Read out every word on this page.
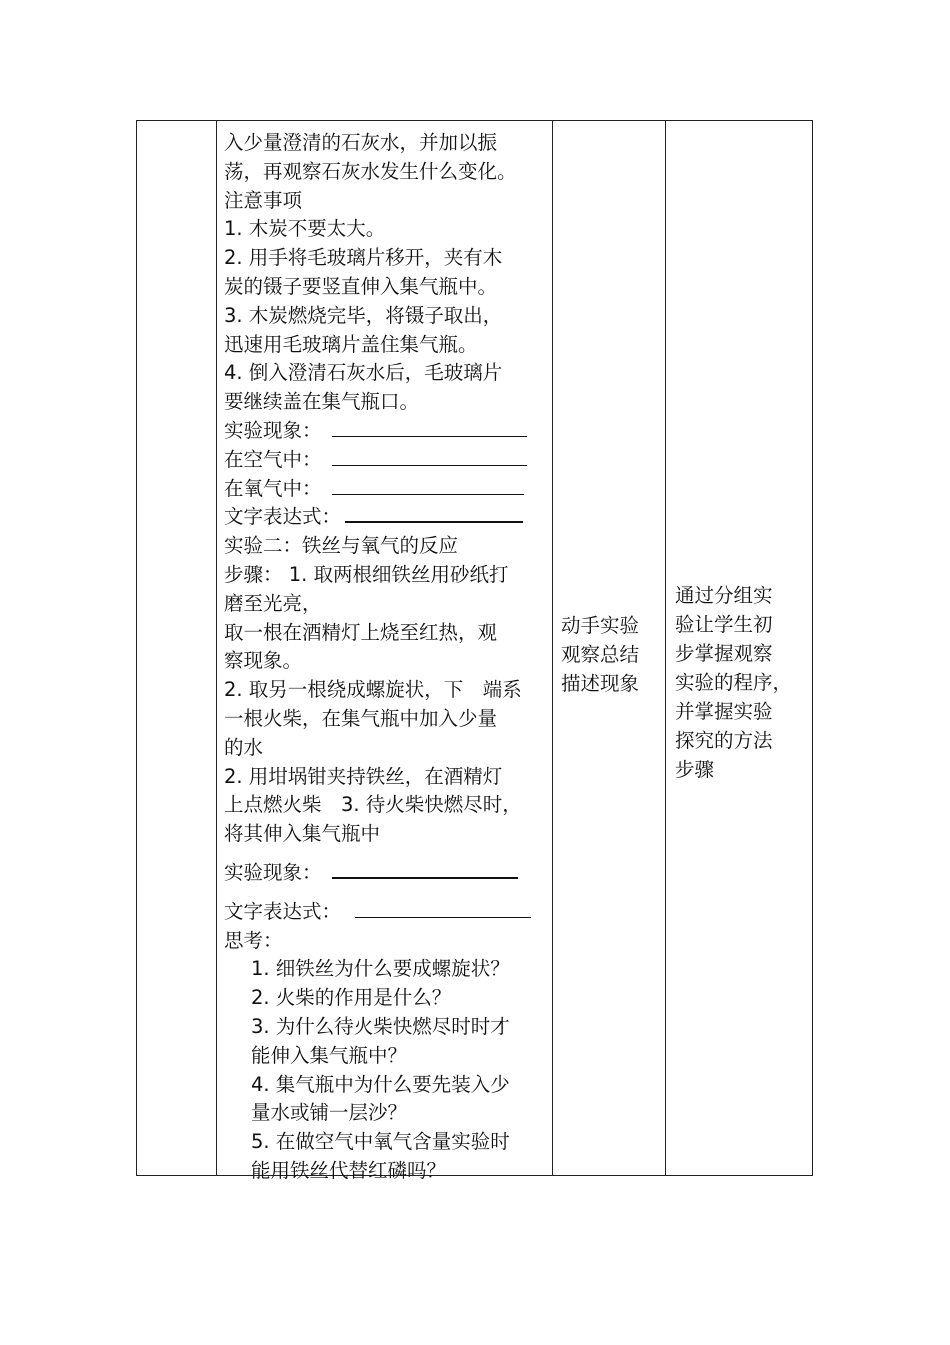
入少量澄清的石灰水，并加以振
荡，再观察石灰水发生什么变化。
注意事项
1. 木炭不要太大。
2. 用手将毛玻璃片移开，夹有木
炭的镊子要竖直伸入集气瓶中。
3. 木炭燃烧完毕，将镊子取出，
迅速用毛玻璃片盖住集气瓶。
4. 倒入澄清石灰水后，毛玻璃片
要继续盖在集气瓶口。
实验现象：
在空气中：
在氧气中：
文字表达式：
实验二：铁丝与氧气的反应
步骤： 1. 取两根细铁丝用砂纸打
磨至光亮，
取一根在酒精灯上烧至红热，观
察现象。
2. 取另一根绕成螺旋状，下　端系
一根火柴，在集气瓶中加入少量
的水
2. 用坩埚钳夹持铁丝，在酒精灯
上点燃火柴　3. 待火柴快燃尽时，
将其伸入集气瓶中
实验现象：
文字表达式：
思考：
1. 细铁丝为什么要成螺旋状？
2. 火柴的作用是什么？
3. 为什么待火柴快燃尽时时才
能伸入集气瓶中？
4. 集气瓶中为什么要先装入少
量水或铺一层沙？
5. 在做空气中氧气含量实验时
能用铁丝代替红磷吗？
动手实验
观察总结
描述现象
通过分组实
验让学生初
步掌握观察
实验的程序，
并掌握实验
探究的方法
步骤
